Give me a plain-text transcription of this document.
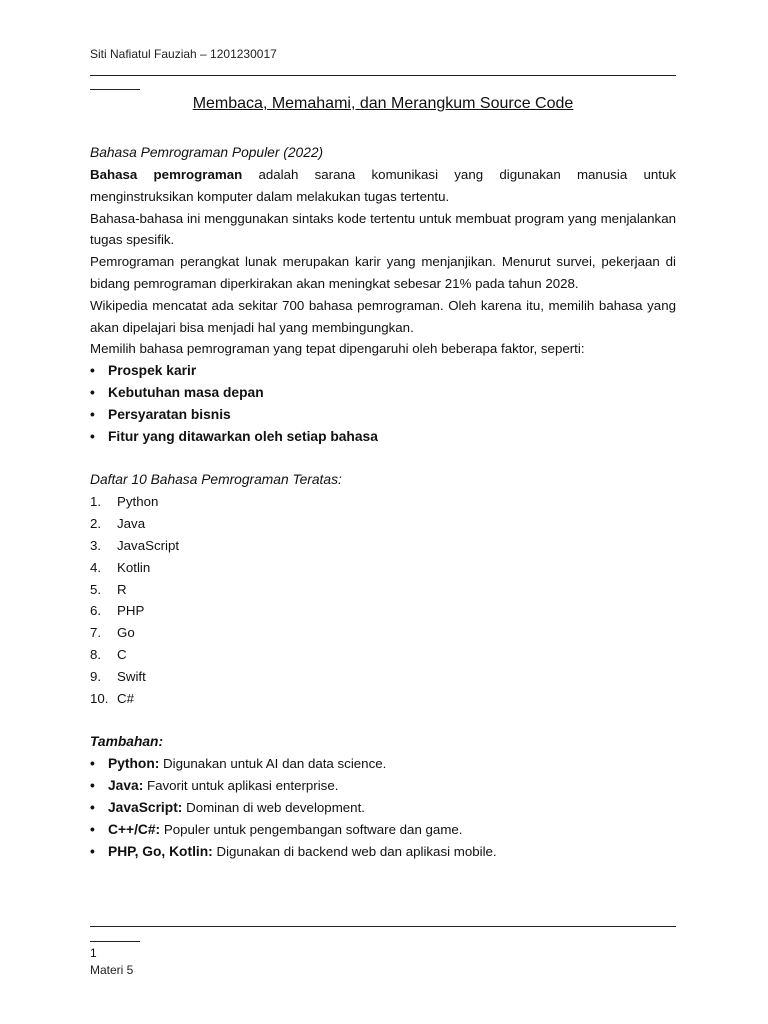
Siti Nafiatul Fauziah – 1201230017
Membaca, Memahami, dan Merangkum Source Code
Bahasa Pemrograman Populer (2022)

Bahasa pemrograman adalah sarana komunikasi yang digunakan manusia untuk menginstruksikan komputer dalam melakukan tugas tertentu.

Bahasa-bahasa ini menggunakan sintaks kode tertentu untuk membuat program yang menjalankan tugas spesifik.

Pemrograman perangkat lunak merupakan karir yang menjanjikan. Menurut survei, pekerjaan di bidang pemrograman diperkirakan akan meningkat sebesar 21% pada tahun 2028.

Wikipedia mencatat ada sekitar 700 bahasa pemrograman. Oleh karena itu, memilih bahasa yang akan dipelajari bisa menjadi hal yang membingungkan.

Memilih bahasa pemrograman yang tepat dipengaruhi oleh beberapa faktor, seperti:

• Prospek karir
• Kebutuhan masa depan
• Persyaratan bisnis
• Fitur yang ditawarkan oleh setiap bahasa
Daftar 10 Bahasa Pemrograman Teratas:
1. Python
2. Java
3. JavaScript
4. Kotlin
5. R
6. PHP
7. Go
8. C
9. Swift
10. C#
Tambahan:
• Python: Digunakan untuk AI dan data science.
• Java: Favorit untuk aplikasi enterprise.
• JavaScript: Dominan di web development.
• C++/C#: Populer untuk pengembangan software dan game.
• PHP, Go, Kotlin: Digunakan di backend web dan aplikasi mobile.
1
Materi 5
